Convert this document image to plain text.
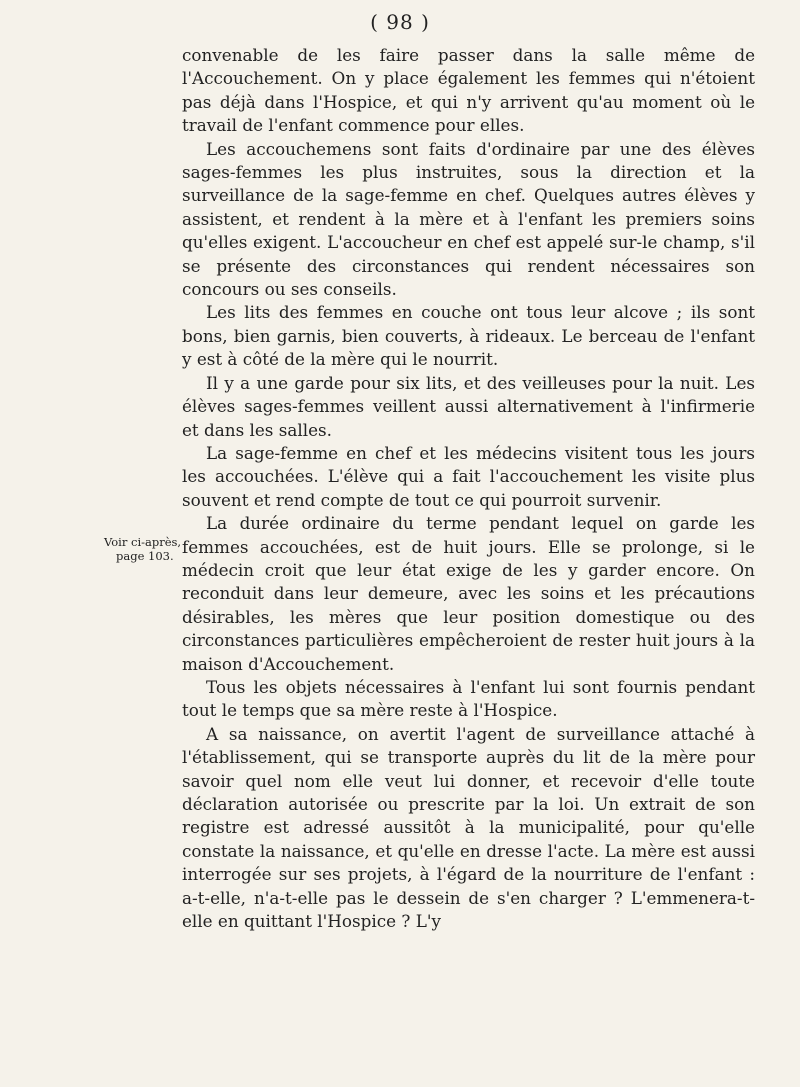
( 98 )
Voir ci-après,
page 103.

convenable de les faire passer dans la salle même de l'Accouchement. On y place également les femmes qui n'étoient pas déjà dans l'Hospice, et qui n'y arrivent qu'au moment où le travail de l'enfant commence pour elles.

Les accouchemens sont faits d'ordinaire par une des élèves sages-femmes les plus instruites, sous la direction et la surveillance de la sage-femme en chef. Quelques autres élèves y assistent, et rendent à la mère et à l'enfant les premiers soins qu'elles exigent. L'accoucheur en chef est appelé sur-le champ, s'il se présente des circonstances qui rendent nécessaires son concours ou ses conseils.

Les lits des femmes en couche ont tous leur alcove ; ils sont bons, bien garnis, bien couverts, à rideaux. Le berceau de l'enfant y est à côté de la mère qui le nourrit.

Il y a une garde pour six lits, et des veilleuses pour la nuit. Les élèves sages-femmes veillent aussi alternativement à l'infirmerie et dans les salles.

La sage-femme en chef et les médecins visitent tous les jours les accouchées. L'élève qui a fait l'accouchement les visite plus souvent et rend compte de tout ce qui pourroit survenir.

La durée ordinaire du terme pendant lequel on garde les femmes accouchées, est de huit jours. Elle se prolonge, si le médecin croit que leur état exige de les y garder encore. On reconduit dans leur demeure, avec les soins et les précautions désirables, les mères que leur position domestique ou des circonstances particulières empêcheroient de rester huit jours à la maison d'Accouchement.

Tous les objets nécessaires à l'enfant lui sont fournis pendant tout le temps que sa mère reste à l'Hospice.

A sa naissance, on avertit l'agent de surveillance attaché à l'établissement, qui se transporte auprès du lit de la mère pour savoir quel nom elle veut lui donner, et recevoir d'elle toute déclaration autorisée ou prescrite par la loi. Un extrait de son registre est adressé aussitôt à la municipalité, pour qu'elle constate la naissance, et qu'elle en dresse l'acte. La mère est aussi interrogée sur ses projets, à l'égard de la nourriture de l'enfant : a-t-elle, n'a-t-elle pas le dessein de s'en charger ? L'emmenera-t-elle en quittant l'Hospice ? L'y
